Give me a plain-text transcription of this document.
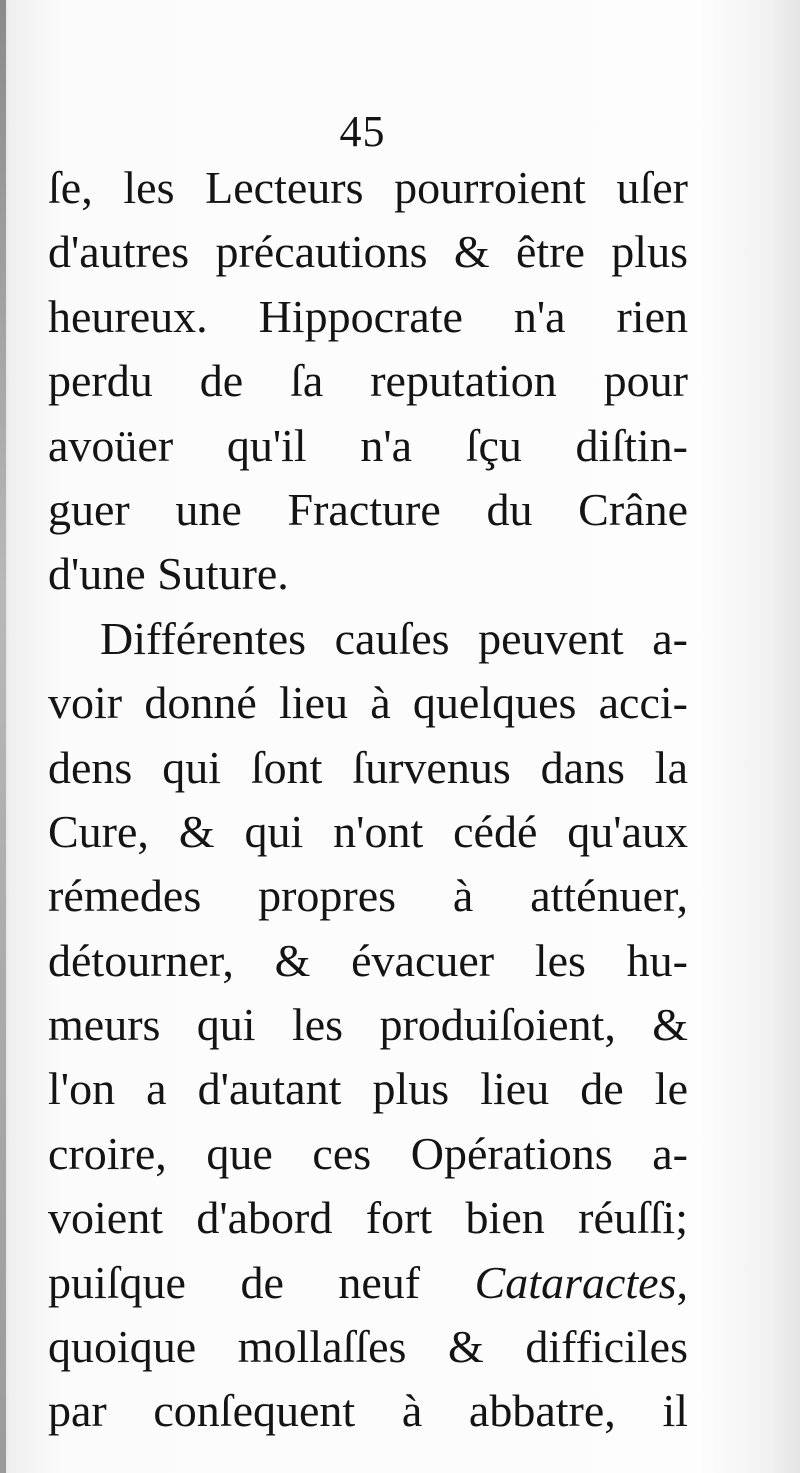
45
ſe, les Lecteurs pourroient uſer
d'autres précautions & être plus
heureux. Hippocrate n'a rien
perdu de ſa reputation pour
avoüer qu'il n'a ſçu diſtin-
guer une Fracture du Crâne
d'une Suture.
Différentes cauſes peuvent a-
voir donné lieu à quelques acci-
dens qui ſont ſurvenus dans la
Cure, & qui n'ont cédé qu'aux
rémedes propres à atténuer,
détourner, & évacuer les hu-
meurs qui les produiſoient, &
l'on a d'autant plus lieu de le
croire, que ces Opérations a-
voient d'abord fort bien réuſſi;
puiſque de neuf Cataractes,
quoique mollaſſes & difficiles
par conſequent à abbatre, il
